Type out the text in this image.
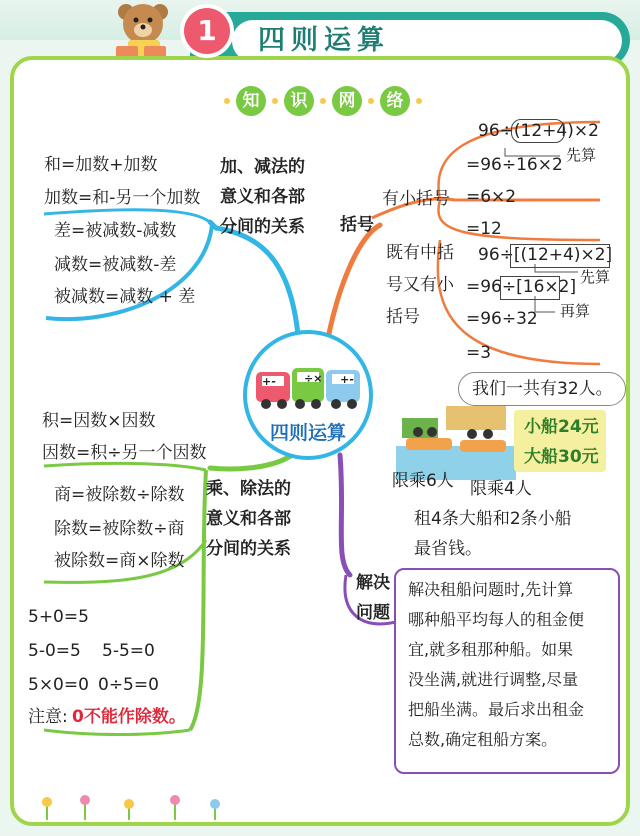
四则运算
1
知	识	网	络
+-	÷× +-
四则运算
加、减法的
意义和各部
分间的关系
和=加数+加数
加数=和-另一个加数
差=被减数-减数
减数=被减数-差
被减数=减数 + 差
括号
有小括号
96÷(12+4)×2
=96÷16×2 先算
=6×2
=12
既有中括
号又有小
括号
96÷[(12+4)×2]
先算
=96÷[16×2]
再算
=96÷32
=3
乘、除法的
意义和各部
分间的关系
积=因数×因数
因数=积÷另一个因数
商=被除数÷除数
除数=被除数÷商
被除数=商×除数
5+0=5
5-0=5 5-5=0
5×0=0 0÷5=0
注意: 0不能作除数。
我们一共有32人。
小船24元
大船30元
限乘6人 限乘4人
租4条大船和2条小船
最省钱。
解决
问题
解决租船问题时,先计算
哪种船平均每人的租金便
宜,就多租那种船。如果
没坐满,就进行调整,尽量
把船坐满。最后求出租金
总数,确定租船方案。
